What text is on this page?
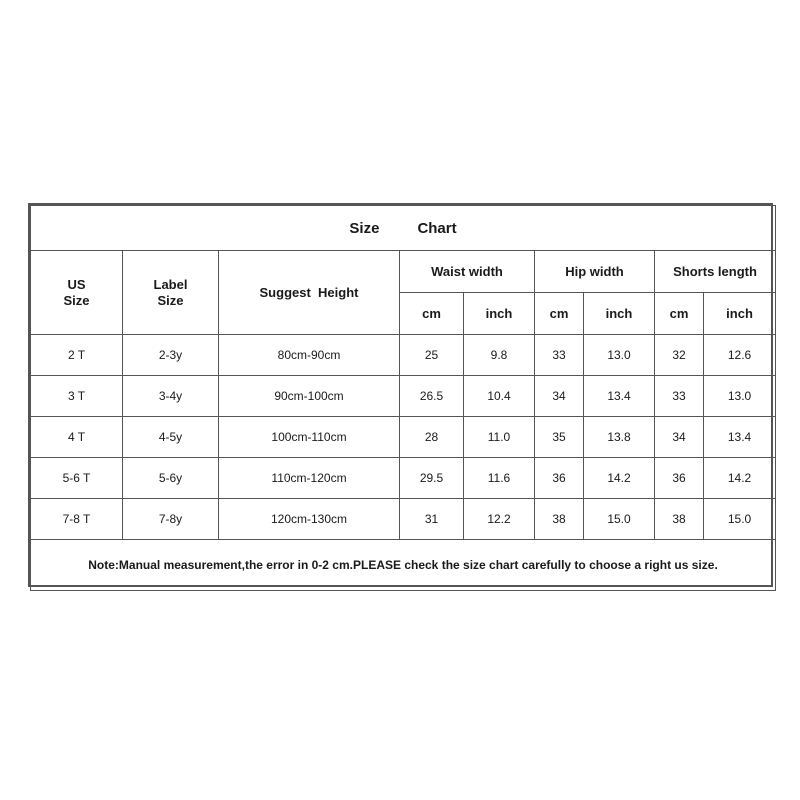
Size Chart								
US Size	Label Size	Suggest  Height	Waist width		Hip width		Shorts length	
			cm	inch	cm	inch	cm	inch
2 T	2-3y	80cm-90cm	25	9.8	33	13.0	32	12.6
3 T	3-4y	90cm-100cm	26.5	10.4	34	13.4	33	13.0
4 T	4-5y	100cm-110cm	28	11.0	35	13.8	34	13.4
5-6 T	5-6y	110cm-120cm	29.5	11.6	36	14.2	36	14.2
7-8 T	7-8y	120cm-130cm	31	12.2	38	15.0	38	15.0
Note:Manual measurement,the error in 0-2 cm.PLEASE check the size chart carefully to choose a right us size.								
